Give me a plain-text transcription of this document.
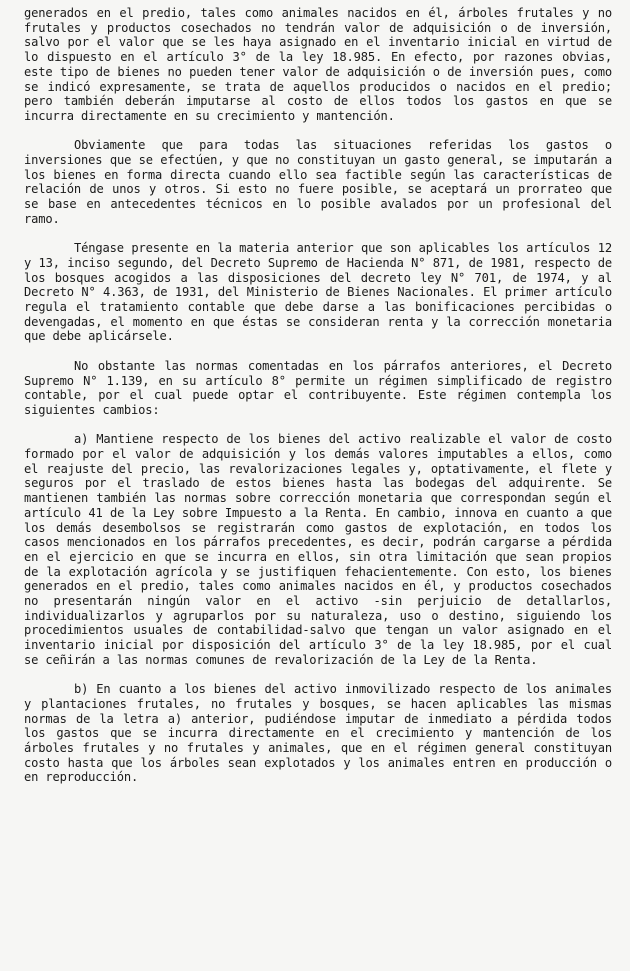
generados en el predio, tales como animales nacidos en él, árboles frutales y no frutales y productos cosechados no tendrán valor de adquisición o de inversión, salvo por el valor que se les haya asignado en el inventario inicial en virtud de lo dispuesto en el artículo 3° de la ley 18.985. En efecto, por razones obvias, este tipo de bienes no pueden tener valor de adquisición o de inversión pues, como se indicó expresamente, se trata de aquellos producidos o nacidos en el predio; pero también deberán imputarse al costo de ellos todos los gastos en que se incurra directamente en su crecimiento y mantención.

Obviamente que para todas las situaciones referidas los gastos o inversiones que se efectúen, y que no constituyan un gasto general, se imputarán a los bienes en forma directa cuando ello sea factible según las características de relación de unos y otros. Si esto no fuere posible, se aceptará un prorrateo que se base en antecedentes técnicos en lo posible avalados por un profesional del ramo.

Téngase presente en la materia anterior que son aplicables los artículos 12 y 13, inciso segundo, del Decreto Supremo de Hacienda N° 871, de 1981, respecto de los bosques acogidos a las disposiciones del decreto ley N° 701, de 1974, y al Decreto N° 4.363, de 1931, del Ministerio de Bienes Nacionales. El primer artículo regula el tratamiento contable que debe darse a las bonificaciones percibidas o devengadas, el momento en que éstas se consideran renta y la corrección monetaria que debe aplicársele.

No obstante las normas comentadas en los párrafos anteriores, el Decreto Supremo N° 1.139, en su artículo 8° permite un régimen simplificado de registro contable, por el cual puede optar el contribuyente. Este régimen contempla los siguientes cambios:

a) Mantiene respecto de los bienes del activo realizable el valor de costo formado por el valor de adquisición y los demás valores imputables a ellos, como el reajuste del precio, las revalorizaciones legales y, optativamente, el flete y seguros por el traslado de estos bienes hasta las bodegas del adquirente. Se mantienen también las normas sobre corrección monetaria que correspondan según el artículo 41 de la Ley sobre Impuesto a la Renta. En cambio, innova en cuanto a que los demás desembolsos se registrarán como gastos de explotación, en todos los casos mencionados en los párrafos precedentes, es decir, podrán cargarse a pérdida en el ejercicio en que se incurra en ellos, sin otra limitación que sean propios de la explotación agrícola y se justifiquen fehacientemente. Con esto, los bienes generados en el predio, tales como animales nacidos en él, y productos cosechados no presentarán ningún valor en el activo -sin perjuicio de detallarlos, individualizarlos y agruparlos por su naturaleza, uso o destino, siguiendo los procedimientos usuales de contabilidad-salvo que tengan un valor asignado en el inventario inicial por disposición del artículo 3° de la ley 18.985, por el cual se ceñirán a las normas comunes de revalorización de la Ley de la Renta.

b) En cuanto a los bienes del activo inmovilizado respecto de los animales y plantaciones frutales, no frutales y bosques, se hacen aplicables las mismas normas de la letra a) anterior, pudiéndose imputar de inmediato a pérdida todos los gastos que se incurra directamente en el crecimiento y mantención de los árboles frutales y no frutales y animales, que en el régimen general constituyan costo hasta que los árboles sean explotados y los animales entren en producción o en reproducción.
